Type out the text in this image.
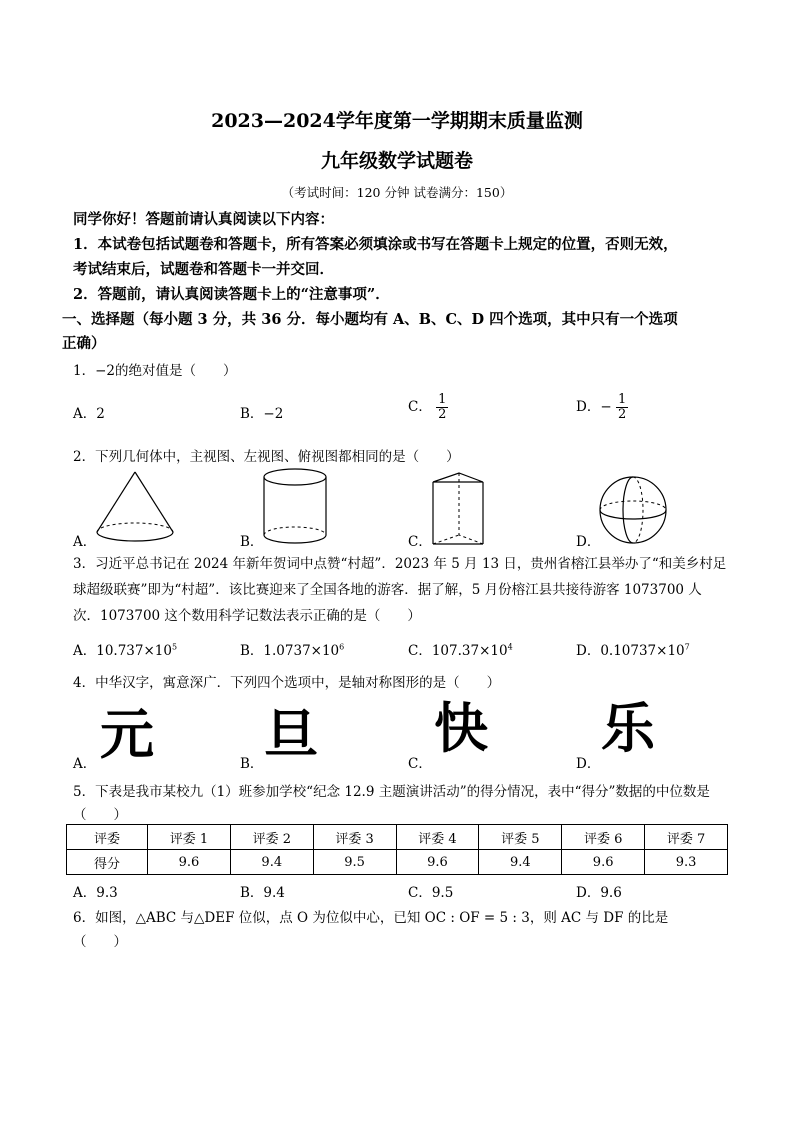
2023—2024学年度第一学期期末质量监测
九年级数学试题卷
（考试时间：120 分钟 试卷满分：150）
同学你好！答题前请认真阅读以下内容：
1．本试卷包括试题卷和答题卡，所有答案必须填涂或书写在答题卡上规定的位置，否则无效，
考试结束后，试题卷和答题卡一并交回．
2．答题前，请认真阅读答题卡上的“注意事项”．
一、选择题（每小题 3 分，共 36 分．每小题均有 A、B、C、D 四个选项，其中只有一个选项
正确）
1．−2的绝对值是（　　）
A．2	B．−2	C． $\frac{1}{2}$	D．− $\frac{1}{2}$
2．下列几何体中，主视图、左视图、俯视图都相同的是（　　）
A．	B．	C．	D．
3．习近平总书记在 2024 年新年贺词中点赞“村超”．2023 年 5 月 13 日，贵州省榕江县举办了“和美乡村足
球超级联赛”即为“村超”．该比赛迎来了全国各地的游客．据了解，5 月份榕江县共接待游客 1073700 人
次．1073700 这个数用科学记数法表示正确的是（　　）
A．$10.737\times 10^5$	B．$1.0737\times 10^6$	C．$107.37\times 10^4$	D．$0.10737\times 10^7$
4．中华汉字，寓意深广．下列四个选项中，是轴对称图形的是（　　）
A．	B．	C．	D．
元 旦 快 乐
5．下表是我市某校九（1）班参加学校“纪念 12.9 主题演讲活动”的得分情况，表中“得分”数据的中位数是
（　　）
评委	评委 1	评委 2	评委 3	评委 4	评委 5	评委 6	评委 7
得分	9.6	9.4	9.5	9.6	9.4	9.6	9.3
A．9.3	B．9.4	C．9.5	D．9.6
6．如图，△ABC 与△DEF 位似，点 O 为位似中心，已知 OC : OF = 5 : 3，则 AC 与 DF 的比是
（　　）
